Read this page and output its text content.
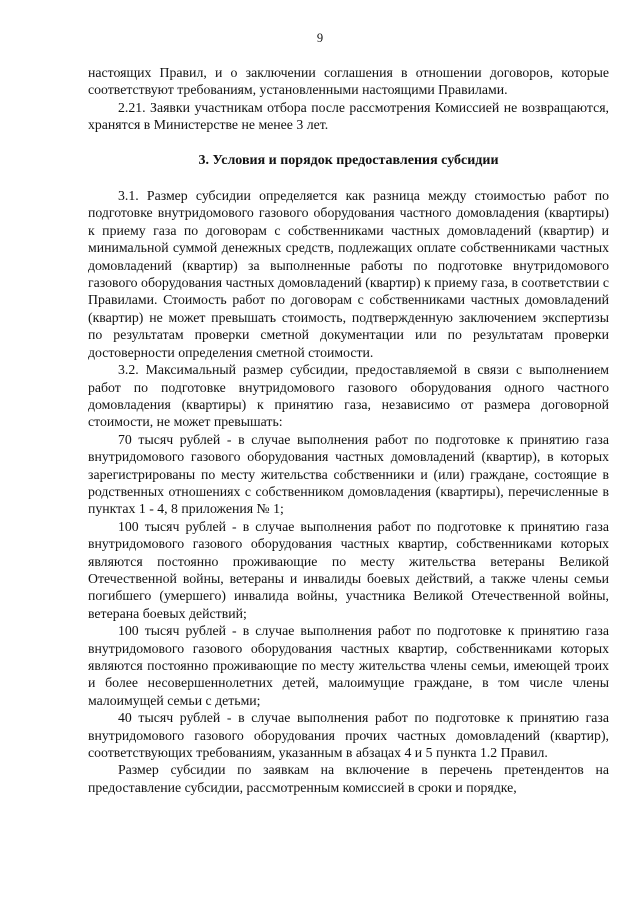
9

настоящих Правил, и о заключении соглашения в отношении договоров, которые соответствуют требованиям, установленными настоящими Правилами.

2.21. Заявки участникам отбора после рассмотрения Комиссией не возвращаются, хранятся в Министерстве не менее 3 лет.

3. Условия и порядок предоставления субсидии

3.1. Размер субсидии определяется как разница между стоимостью работ по подготовке внутридомового газового оборудования частного домовладения (квартиры) к приему газа по договорам с собственниками частных домовладений (квартир) и минимальной суммой денежных средств, подлежащих оплате собственниками частных домовладений (квартир) за выполненные работы по подготовке внутридомового газового оборудования частных домовладений (квартир) к приему газа, в соответствии с Правилами. Стоимость работ по договорам с собственниками частных домовладений (квартир) не может превышать стоимость, подтвержденную заключением экспертизы по результатам проверки сметной документации или по результатам проверки достоверности определения сметной стоимости.

3.2. Максимальный размер субсидии, предоставляемой в связи с выполнением работ по подготовке внутридомового газового оборудования одного частного домовладения (квартиры) к принятию газа, независимо от размера договорной стоимости, не может превышать:

70 тысяч рублей - в случае выполнения работ по подготовке к принятию газа внутридомового газового оборудования частных домовладений (квартир), в которых зарегистрированы по месту жительства собственники и (или) граждане, состоящие в родственных отношениях с собственником домовладения (квартиры), перечисленные в пунктах 1 - 4, 8 приложения № 1;

100 тысяч рублей - в случае выполнения работ по подготовке к принятию газа внутридомового газового оборудования частных квартир, собственниками которых являются постоянно проживающие по месту жительства ветераны Великой Отечественной войны, ветераны и инвалиды боевых действий, а также члены семьи погибшего (умершего) инвалида войны, участника Великой Отечественной войны, ветерана боевых действий;

100 тысяч рублей - в случае выполнения работ по подготовке к принятию газа внутридомового газового оборудования частных квартир, собственниками которых являются постоянно проживающие по месту жительства члены семьи, имеющей троих и более несовершеннолетних детей, малоимущие граждане, в том числе члены малоимущей семьи с детьми;

40 тысяч рублей - в случае выполнения работ по подготовке к принятию газа внутридомового газового оборудования прочих частных домовладений (квартир), соответствующих требованиям, указанным в абзацах 4 и 5 пункта 1.2 Правил.

Размер субсидии по заявкам на включение в перечень претендентов на предоставление субсидии, рассмотренным комиссией в сроки и порядке,
